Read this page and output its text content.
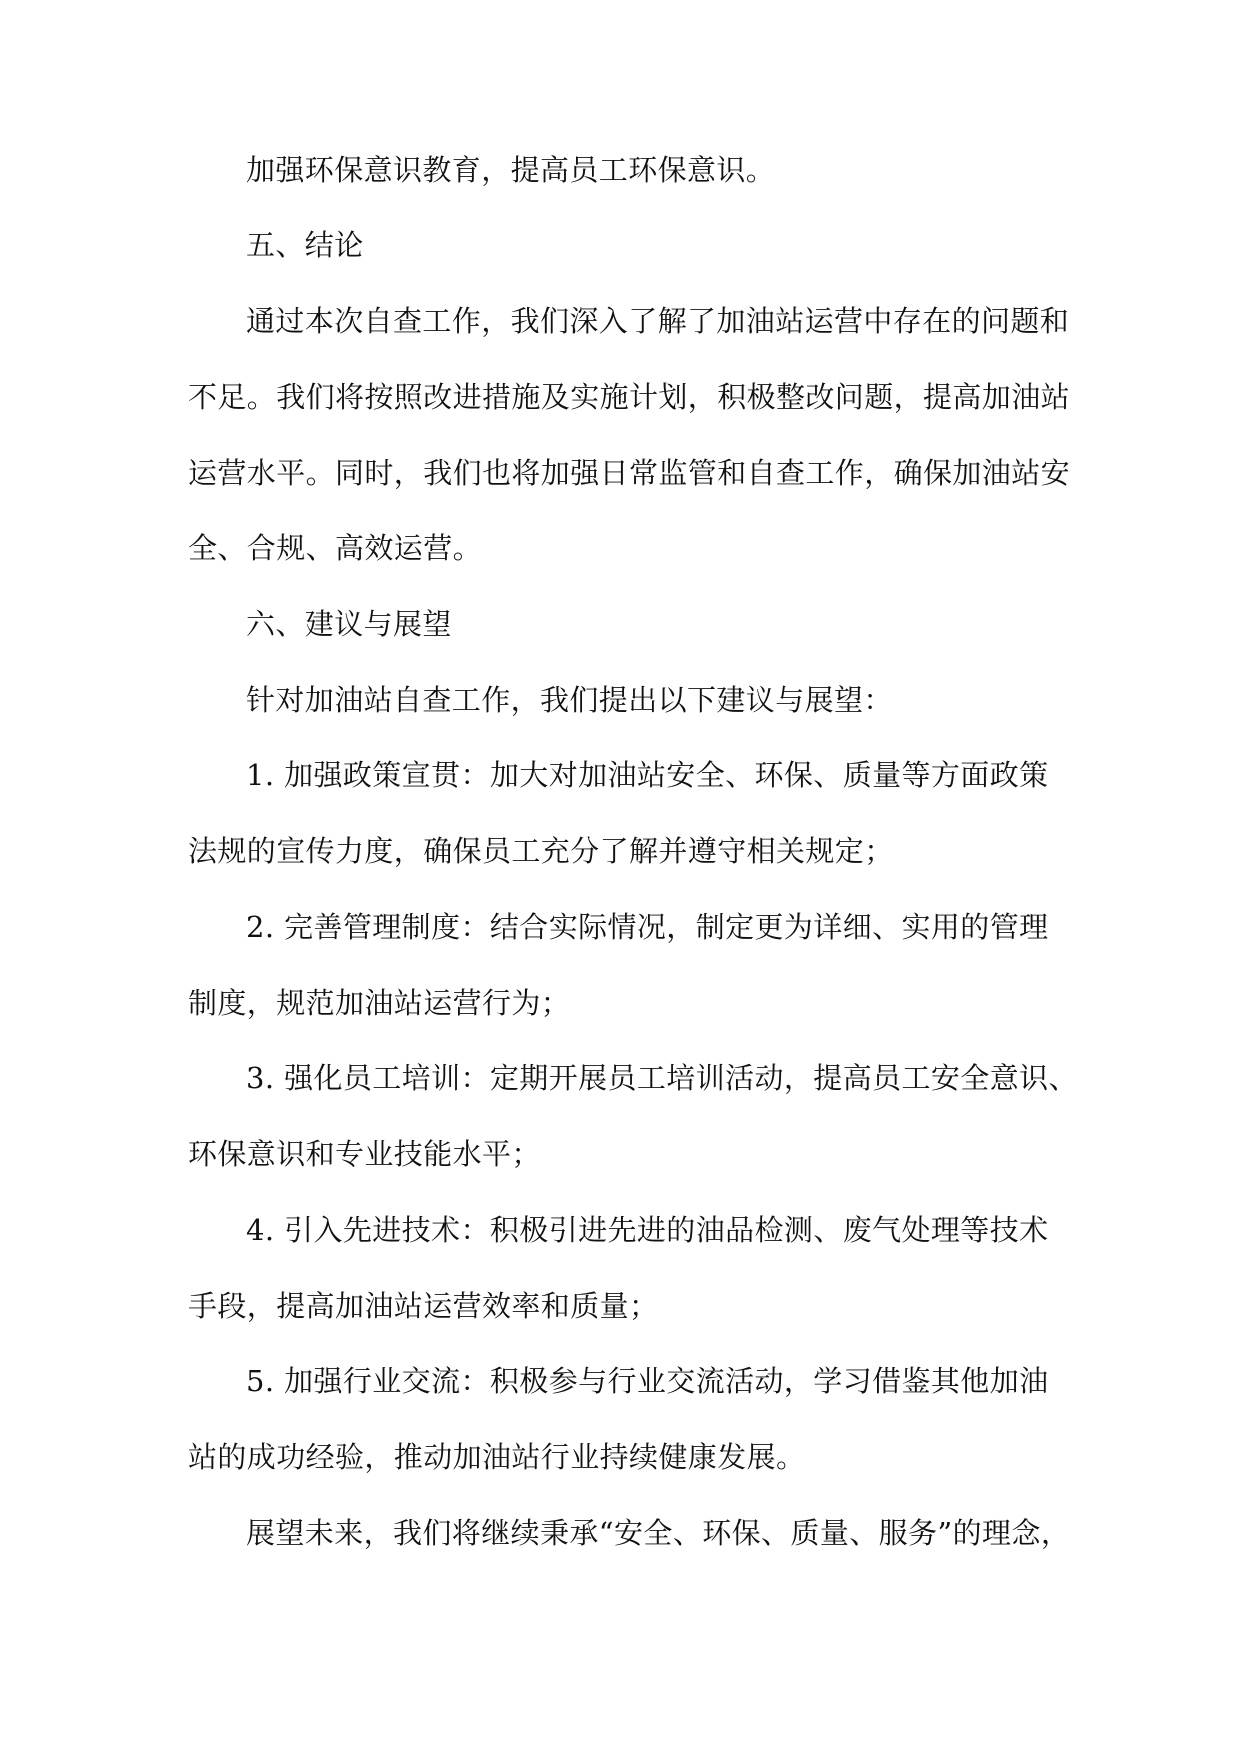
加强环保意识教育，提高员工环保意识。
五、结论
通过本次自查工作，我们深入了解了加油站运营中存在的问题和
不足。我们将按照改进措施及实施计划，积极整改问题，提高加油站
运营水平。同时，我们也将加强日常监管和自查工作，确保加油站安
全、合规、高效运营。
六、建议与展望
针对加油站自查工作，我们提出以下建议与展望：
1. 加强政策宣贯：加大对加油站安全、环保、质量等方面政策
法规的宣传力度，确保员工充分了解并遵守相关规定；
2. 完善管理制度：结合实际情况，制定更为详细、实用的管理
制度，规范加油站运营行为；
3. 强化员工培训：定期开展员工培训活动，提高员工安全意识、
环保意识和专业技能水平；
4. 引入先进技术：积极引进先进的油品检测、废气处理等技术
手段，提高加油站运营效率和质量；
5. 加强行业交流：积极参与行业交流活动，学习借鉴其他加油
站的成功经验，推动加油站行业持续健康发展。
展望未来，我们将继续秉承“安全、环保、质量、服务”的理念，
